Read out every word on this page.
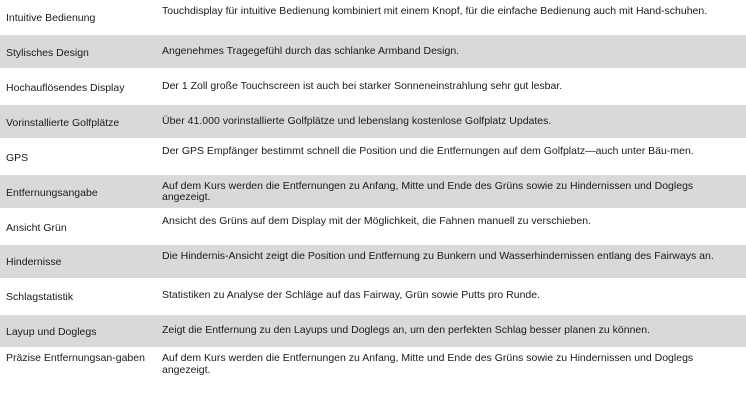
Intuitive Bedienung	Touchdisplay für intuitive Bedienung kombiniert mit einem Knopf, für die einfache Bedienung auch mit Hand-schuhen.
Stylisches Design	Angenehmes Tragegefühl durch das schlanke Armband Design.
Hochauflösendes Display	Der 1 Zoll große Touchscreen ist auch bei starker Sonneneinstrahlung sehr gut lesbar.
Vorinstallierte Golfplätze	Über 41.000 vorinstallierte Golfplätze und lebenslang kostenlose Golfplatz Updates.
GPS	Der GPS Empfänger bestimmt schnell die Position und die Entfernungen auf dem Golfplatz—auch unter Bäu-men.
Entfernungsangabe	Auf dem Kurs werden die Entfernungen zu Anfang, Mitte und Ende des Grüns sowie zu Hindernissen und Doglegs angezeigt.
Ansicht Grün	Ansicht des Grüns auf dem Display mit der Möglichkeit, die Fahnen manuell zu verschieben.
Hindernisse	Die Hindernis-Ansicht zeigt die Position und Entfernung zu Bunkern und Wasserhindernissen entlang des Fairways an.
Schlagstatistik	Statistiken zu Analyse der Schläge auf das Fairway, Grün sowie Putts pro Runde.
Layup und Doglegs	Zeigt die Entfernung zu den Layups und Doglegs an, um den perfekten Schlag besser planen zu können.
Präzise Entfernungsan-gaben	Auf dem Kurs werden die Entfernungen zu Anfang, Mitte und Ende des Grüns sowie zu Hindernissen und Doglegs angezeigt.
